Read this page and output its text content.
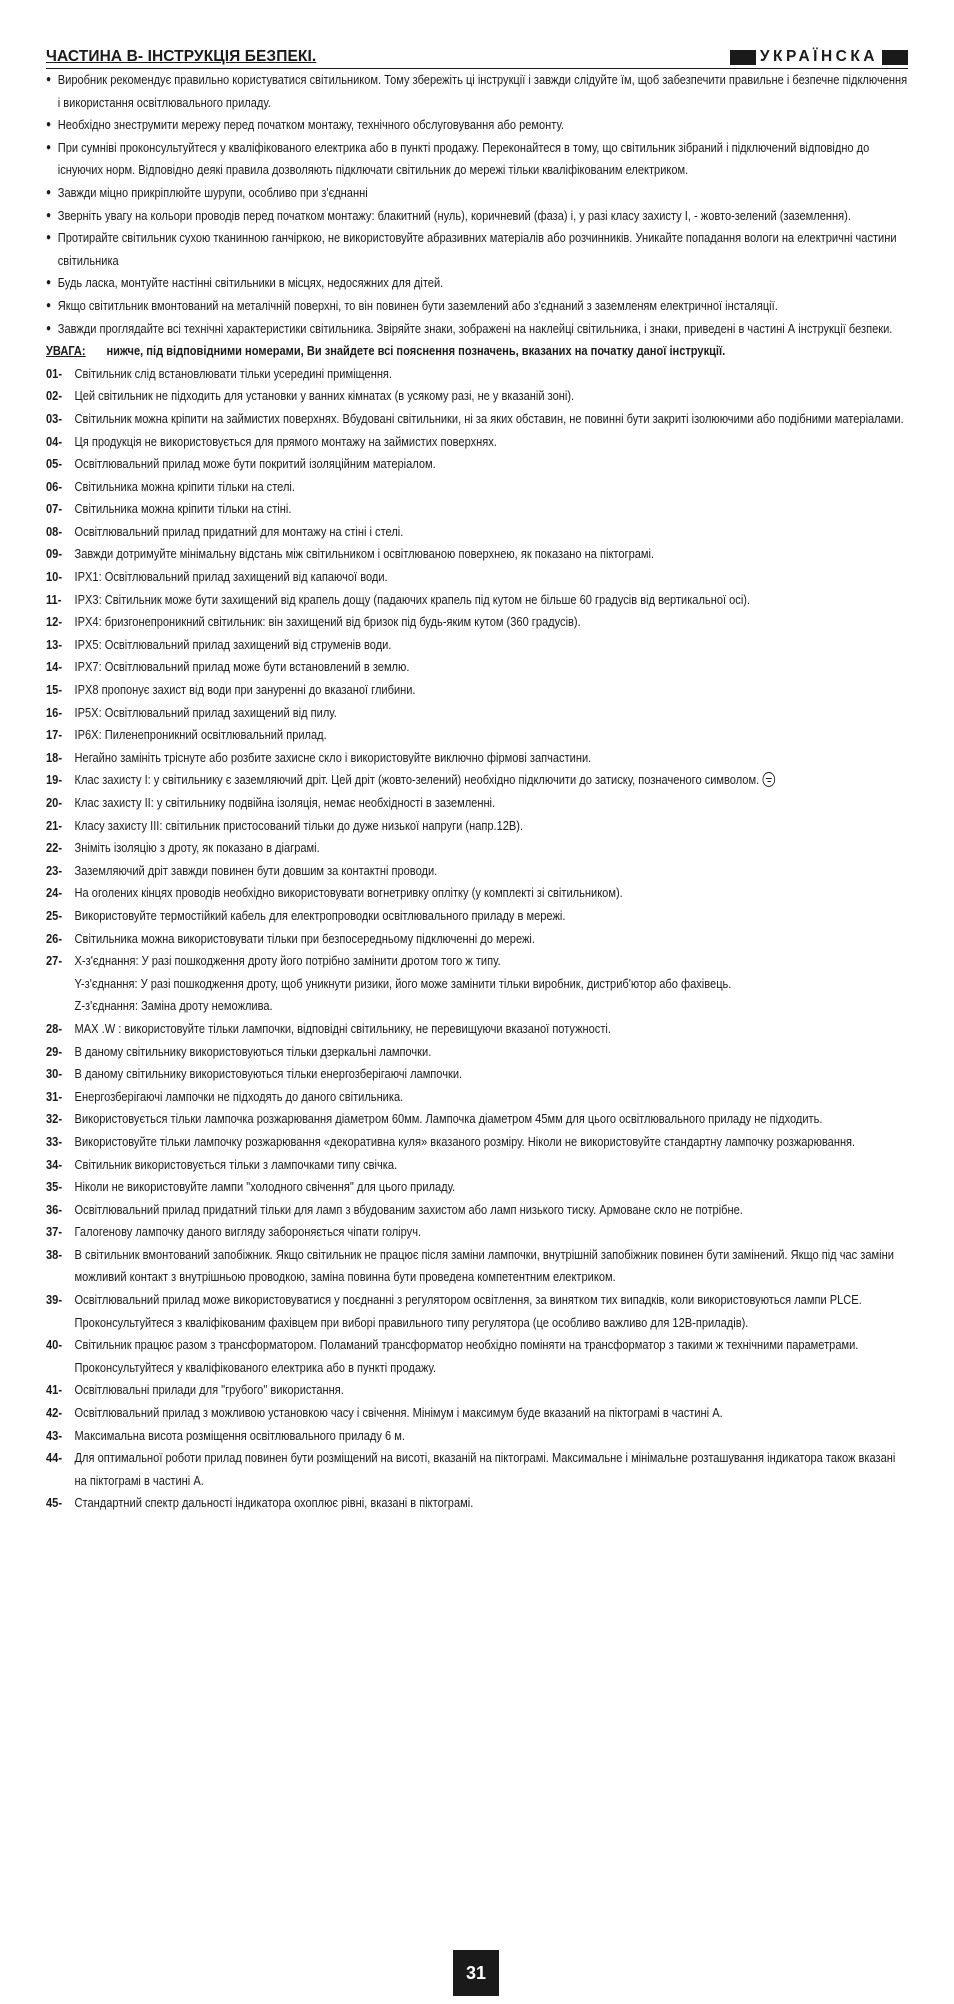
ЧАСТИНА В- ІНСТРУКЦІЯ БЕЗПЕКІ.	УКРАЇНСКА
● Виробник рекомендує правильно користуватися світильником. Тому збережіть ці інструкції і завжди слідуйте їм, щоб забезпечити правильне і безпечне підключення і використання освітлювального приладу.
● Необхідно знеструмити мережу перед початком монтажу, технічного обслуговування або ремонту.
● При сумніві проконсультуйтеся у кваліфікованого електрика або в пункті продажу. Переконайтеся в тому, що світильник зібраний і підключений відповідно до існуючих норм. Відповідно деякі правила дозволяють підключати світильник до мережі тільки кваліфікованим електриком.
● Завжди міцно прикріплюйте шурупи, особливо при з'єднанні
● Зверніть увагу на кольори проводів перед початком монтажу: блакитний (нуль), коричневий (фаза) і, у разі класу захисту І, - жовто-зелений (заземлення).
● Протирайте світильник сухою тканинною ганчіркою, не використовуйте абразивних матеріалів або розчинників. Уникайте попадання вологи на електричні частини світильника
● Будь ласка, монтуйте настінні світильники в місцях, недосяжних для дітей.
● Якщо світитльник вмонтований на металічній поверхні, то він повинен бути заземлений або з'єднаний з заземленям електричної інсталяції.
● Завжди проглядайте всі технічні характеристики світильника. Звіряйте знаки, зображені на наклейці світильника, і знаки, приведені в частині А інструкції безпеки.
УВАГА:	нижче, під відповідними номерами, Ви знайдете всі пояснення позначень, вказаних на початку даної інструкції.
01- Світильник слід встановлювати тільки усередині приміщення.
02- Цей світильник не підходить для установки у ванних кімнатах (в усякому разі, не у вказаній зоні).
03- Світильник можна кріпити на займистих поверхнях. Вбудовані світильники, ні за яких обставин, не повинні бути закриті ізолюючими або подібними матеріалами.
04- Ця продукція не використовується для прямого монтажу на займистих поверхнях.
05- Освітлювальний прилад може бути покритий ізоляційним матеріалом.
06- Світильника можна кріпити тільки на стелі.
07- Світильника можна кріпити тільки на стіні.
08- Освітлювальний прилад придатний для монтажу на стіні і стелі.
09- Завжди дотримуйте мінімальну відстань між світильником і освітлюваною поверхнею, як показано на піктограмі.
10- IPX1: Освітлювальний прилад захищений від капаючої води.
11- IPX3: Світильник може бути захищений від крапель дощу (падаючих крапель під кутом не більше 60 градусів від вертикальної осі).
12- IPX4: бризгонепроникний світильник: він захищений від бризок під будь-яким кутом (360 градусів).
13- IPX5: Освітлювальний прилад захищений від струменів води.
14- IPX7: Освітлювальний прилад може бути встановлений в землю.
15- IPX8 пропонує захист від води при зануренні до вказаної глибини.
16- IP5X: Освітлювальний прилад захищений від пилу.
17- IP6X: Пиленепроникний освітлювальний прилад.
18- Негайно замініть тріснуте або розбите захисне скло і використовуйте виключно фірмові запчастини.
19- Клас захисту І: у світильнику є заземляючий дріт. Цей дріт (жовто-зелений) необхідно підключити до затиску, позначеного символом.
20- Клас захисту ІІ: у світильнику подвійна ізоляція, немає необхідності в заземленні.
21- Класу захисту ІІІ: світильник пристосований тільки до дуже низької напруги (напр.12В).
22- Зніміть ізоляцію з дроту, як показано в діаграмі.
23- Заземляючий дріт завжди повинен бути довшим за контактні проводи.
24- На оголених кінцях проводів необхідно використовувати вогнетривку оплітку (у комплекті зі світильником).
25- Використовуйте термостійкий кабель для електропроводки освітлювального приладу в мережі.
26- Світильника можна використовувати тільки при безпосередньому підключенні до мережі.
27- X-з'єднання: У разі пошкодження дроту його потрібно замінити дротом того ж типу.
Y-з'єднання: У разі пошкодження дроту, щоб уникнути ризики, його може замінити тільки виробник, дистриб'ютор або фахівець.
Z-з'єднання: Заміна дроту неможлива.
28- MAX .W : використовуйте тільки лампочки, відповідні світильнику, не перевищуючи вказаної потужності.
29- В даному світильнику використовуються тільки дзеркальні лампочки.
30- В даному світильнику використовуються тільки енергозберігаючі лампочки.
31- Енергозберігаючі лампочки не підходять до даного світильника.
32- Використовується тільки лампочка розжарювання діаметром 60мм. Лампочка діаметром 45мм для цього освітлювального приладу не підходить.
33- Використовуйте тільки лампочку розжарювання «декоративна куля» вказаного розміру. Ніколи не використовуйте стандартну лампочку розжарювання.
34- Світильник використовується тільки з лампочками типу свічка.
35- Ніколи не використовуйте лампи "холодного свічення" для цього приладу.
36- Освітлювальний прилад придатний тільки для ламп з вбудованим захистом або ламп низького тиску. Армоване скло не потрібне.
37- Галогенову лампочку даного вигляду забороняється чіпати голіруч.
38- В світильник вмонтований запобіжник. Якщо світильник не працює після заміни лампочки, внутрішній запобіжник повинен бути замінений. Якщо під час заміни можливий контакт з внутрішньою проводкою, заміна повинна бути проведена компетентним електриком.
39- Освітлювальний прилад може використовуватися у поєднанні з регулятором освітлення, за винятком тих випадків, коли використовуються лампи PLCE. Проконсультуйтеся з кваліфікованим фахівцем при виборі правильного типу регулятора (це особливо важливо для 12В-приладів).
40- Світильник працює разом з трансформатором. Поламаний трансформатор необхідно поміняти на трансформатор з такими ж технічними параметрами. Проконсультуйтеся у кваліфікованого електрика або в пункті продажу.
41- Освітлювальні прилади для "грубого" використання.
42- Освітлювальний прилад з можливою установкою часу і свічення. Мінімум і максимум буде вказаний на піктограмі в частині А.
43- Максимальна висота розміщення освітлювального приладу 6 м.
44- Для оптимальної роботи прилад повинен бути розміщений на висоті, вказаній на піктограмі. Максимальне і мінімальне розташування індикатора також вказані на піктограмі в частині А.
45- Стандартний спектр дальності індикатора охоплює рівні, вказані в піктограмі.
31
